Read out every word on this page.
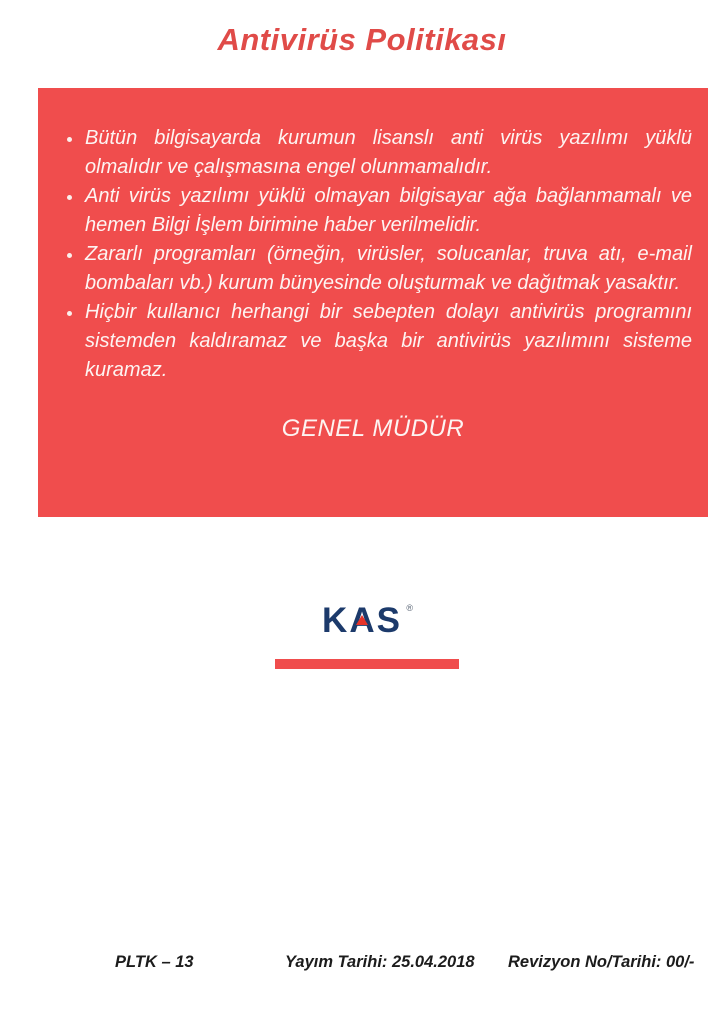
Antivirüs Politikası
Bütün bilgisayarda kurumun lisanslı anti virüs yazılımı yüklü olmalıdır ve çalışmasına engel olunmamalıdır.
Anti virüs yazılımı yüklü olmayan bilgisayar ağa bağlanmamalı ve hemen Bilgi İşlem birimine haber verilmelidir.
Zararlı programları (örneğin, virüsler, solucanlar, truva atı, e-mail bombaları vb.) kurum bünyesinde oluşturmak ve dağıtmak yasaktır.
Hiçbir kullanıcı herhangi bir sebepten dolayı antivirüs programını sistemden kaldıramaz ve başka bir antivirüs yazılımını sisteme kuramaz.
GENEL MÜDÜR
KAS ®
PLTK – 13	Yayım Tarihi: 25.04.2018 Revizyon No/Tarihi: 00/-
